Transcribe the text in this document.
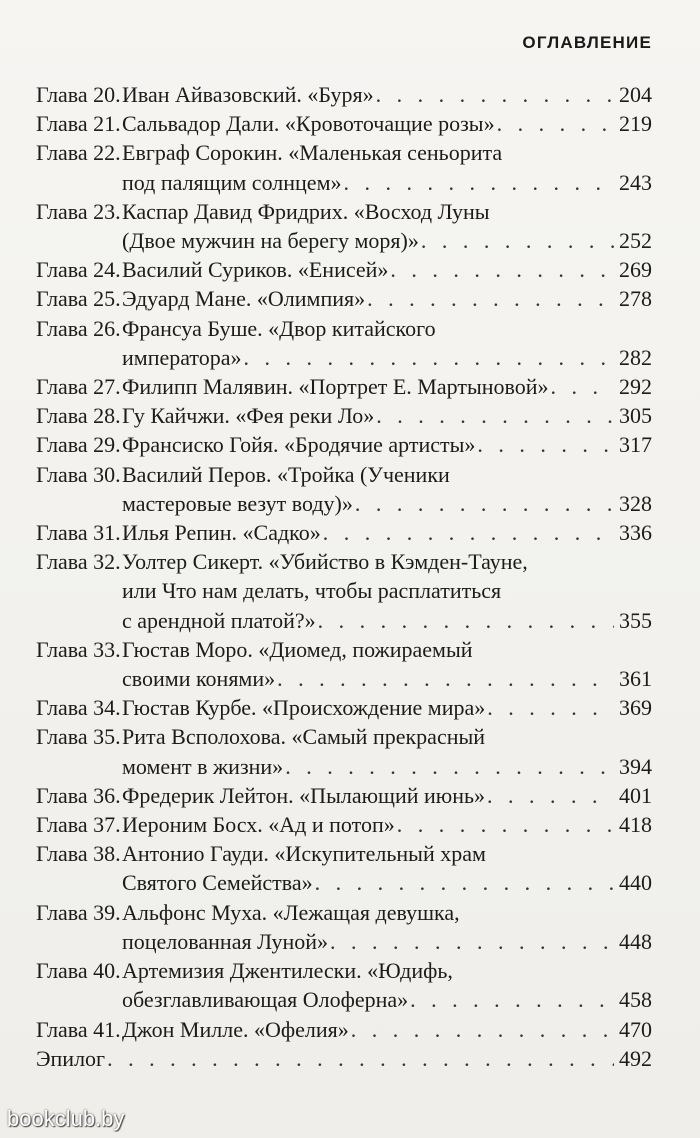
ОГЛАВЛЕНИЕ
Глава 20. Иван Айвазовский. «Буря» . . .	204
Глава 21. Сальвадор Дали. «Кровоточащие розы» . . .	219
Глава 22. Евграф Сорокин. «Маленькая сеньорита
под палящим солнцем» . . .	243
Глава 23. Каспар Давид Фридрих. «Восход Луны
(Двое мужчин на берегу моря)» . . .	252
Глава 24. Василий Суриков. «Енисей» . . .	269
Глава 25. Эдуард Мане. «Олимпия» . . .	278
Глава 26. Франсуа Буше. «Двор китайского
императора» . . .	282
Глава 27. Филипп Малявин. «Портрет Е. Мартыновой» . . .	292
Глава 28. Гу Кайчжи. «Фея реки Ло» . . .	305
Глава 29. Франсиско Гойя. «Бродячие артисты» . . .	317
Глава 30. Василий Перов. «Тройка (Ученики
мастеровые везут воду)» . . .	328
Глава 31. Илья Репин. «Садко» . . .	336
Глава 32. Уолтер Сикерт. «Убийство в Кэмден-Тауне,
или Что нам делать, чтобы расплатиться
с арендной платой?» . . .	355
Глава 33. Гюстав Моро. «Диомед, пожираемый
своими конями» . . .	361
Глава 34. Гюстав Курбе. «Происхождение мира» . . .	369
Глава 35. Рита Всполохова. «Самый прекрасный
момент в жизни» . . .	394
Глава 36. Фредерик Лейтон. «Пылающий июнь» . . .	401
Глава 37. Иероним Босх. «Ад и потоп» . . .	418
Глава 38. Антонио Гауди. «Искупительный храм
Святого Семейства» . . .	440
Глава 39. Альфонс Муха. «Лежащая девушка,
поцелованная Луной» . . .	448
Глава 40. Артемизия Джентилески. «Юдифь,
обезглавливающая Олоферна» . . .	458
Глава 41. Джон Милле. «Офелия» . . .	470
Эпилог . . .	492
bookclub.by
